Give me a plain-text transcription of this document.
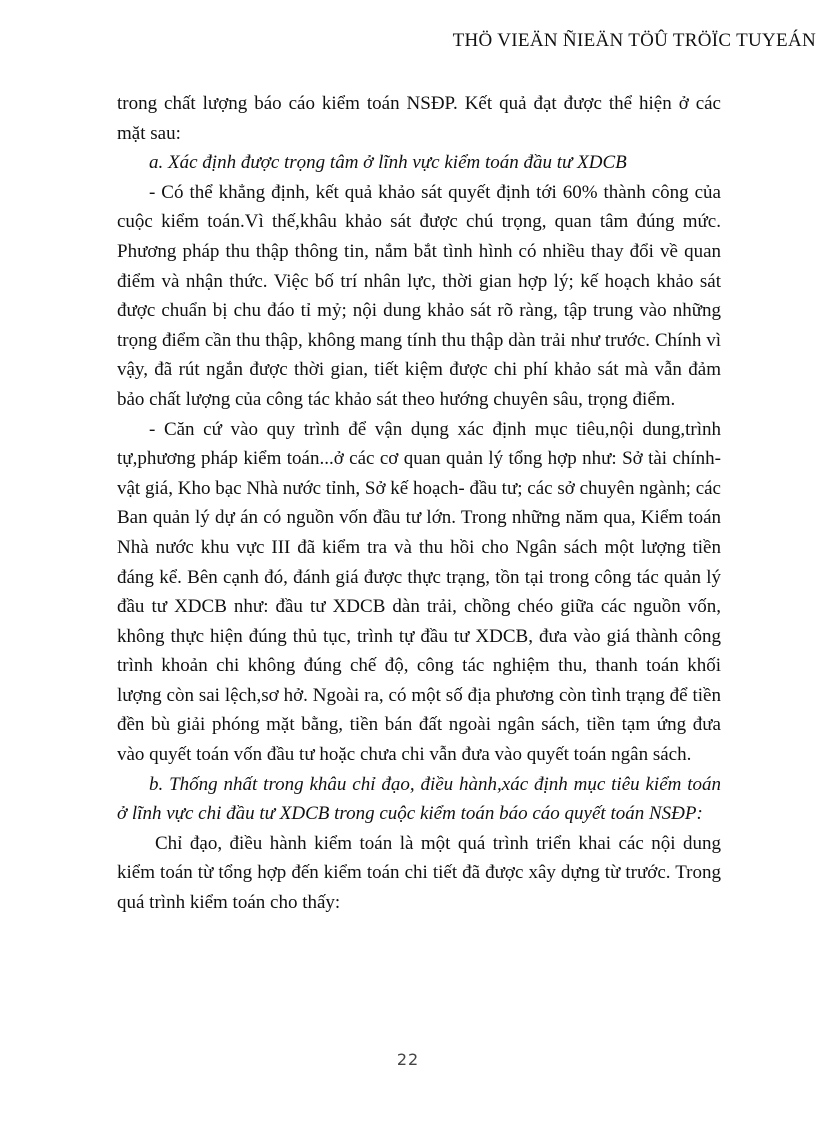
THÖ VIEÄN ÑIEÄN TÖÛ TRÖÏC TUYEÁN

trong chất lượng báo cáo kiểm toán NSĐP. Kết quả đạt được thể hiện ở các mặt sau:

a. Xác định được trọng tâm ở lĩnh vực kiểm toán đầu tư XDCB

- Có thể khẳng định, kết quả khảo sát quyết định tới 60% thành công của cuộc kiểm toán.Vì thế,khâu khảo sát được chú trọng, quan tâm đúng mức. Phương pháp thu thập thông tin, nắm bắt tình hình có nhiều thay đổi về quan điểm và nhận thức. Việc bố trí nhân lực, thời gian hợp lý; kế hoạch khảo sát được chuẩn bị chu đáo tỉ mỷ; nội dung khảo sát rõ ràng, tập trung vào những trọng điểm cần thu thập, không mang tính thu thập dàn trải như trước. Chính vì vậy, đã rút ngắn được thời gian, tiết kiệm được chi phí khảo sát mà vẫn đảm bảo chất lượng của công tác khảo sát theo hướng chuyên sâu, trọng điểm.

- Căn cứ vào quy trình để vận dụng xác định mục tiêu,nội dung,trình tự,phương pháp kiểm toán...ở các cơ quan quản lý tổng hợp như: Sở tài chính-vật giá, Kho bạc Nhà nước tỉnh, Sở kế hoạch- đầu tư; các sở chuyên ngành; các Ban quản lý dự án có nguồn vốn đầu tư lớn. Trong những năm qua, Kiểm toán Nhà nước khu vực III đã kiểm tra và thu hồi cho Ngân sách một lượng tiền đáng kể. Bên cạnh đó, đánh giá được thực trạng, tồn tại trong công tác quản lý đầu tư XDCB như: đầu tư XDCB dàn trải, chồng chéo giữa các nguồn vốn, không thực hiện đúng thủ tục, trình tự đầu tư XDCB, đưa vào giá thành công trình khoản chi không đúng chế độ, công tác nghiệm thu, thanh toán khối lượng còn sai lệch,sơ hở. Ngoài ra, có một số địa phương còn tình trạng để tiền đền bù giải phóng mặt bằng, tiền bán đất ngoài ngân sách, tiền tạm ứng đưa vào quyết toán vốn đầu tư hoặc chưa chi vẫn đưa vào quyết toán ngân sách.

b. Thống nhất trong khâu chỉ đạo, điều hành,xác định mục tiêu kiểm toán ở lĩnh vực chi đầu tư XDCB trong cuộc kiểm toán báo cáo quyết toán NSĐP:

Chỉ đạo, điều hành kiểm toán là một quá trình triển khai các nội dung kiểm toán từ tổng hợp đến kiểm toán chi tiết đã được xây dựng từ trước. Trong quá trình kiểm toán cho thấy:

22
